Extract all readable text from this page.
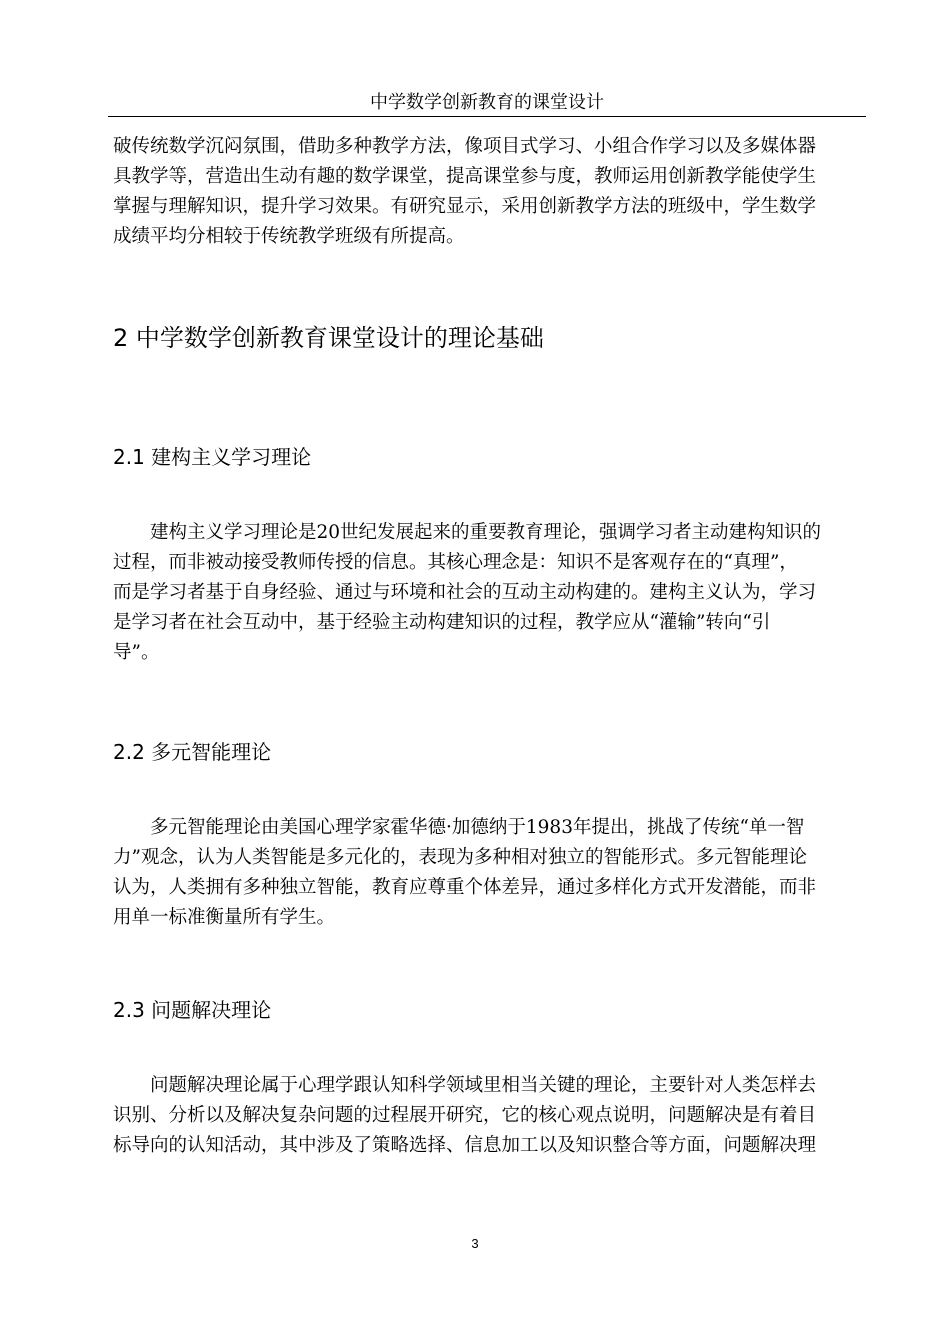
中学数学创新教育的课堂设计
破传统数学沉闷氛围，借助多种教学方法，像项目式学习、小组合作学习以及多媒体器
具教学等，营造出生动有趣的数学课堂，提高课堂参与度，教师运用创新教学能使学生
掌握与理解知识，提升学习效果。有研究显示，采用创新教学方法的班级中，学生数学
成绩平均分相较于传统教学班级有所提高。
2 中学数学创新教育课堂设计的理论基础
2.1 建构主义学习理论
建构主义学习理论是20世纪发展起来的重要教育理论，强调学习者主动建构知识的
过程，而非被动接受教师传授的信息。其核心理念是：知识不是客观存在的“真理”，
而是学习者基于自身经验、通过与环境和社会的互动主动构建的。建构主义认为，学习
是学习者在社会互动中，基于经验主动构建知识的过程，教学应从“灌输”转向“引
导”。
2.2 多元智能理论
多元智能理论由美国心理学家霍华德·加德纳于1983年提出，挑战了传统“单一智
力”观念，认为人类智能是多元化的，表现为多种相对独立的智能形式。多元智能理论
认为，人类拥有多种独立智能，教育应尊重个体差异，通过多样化方式开发潜能，而非
用单一标准衡量所有学生。
2.3 问题解决理论
问题解决理论属于心理学跟认知科学领域里相当关键的理论，主要针对人类怎样去
识别、分析以及解决复杂问题的过程展开研究，它的核心观点说明，问题解决是有着目
标导向的认知活动，其中涉及了策略选择、信息加工以及知识整合等方面，问题解决理
3
